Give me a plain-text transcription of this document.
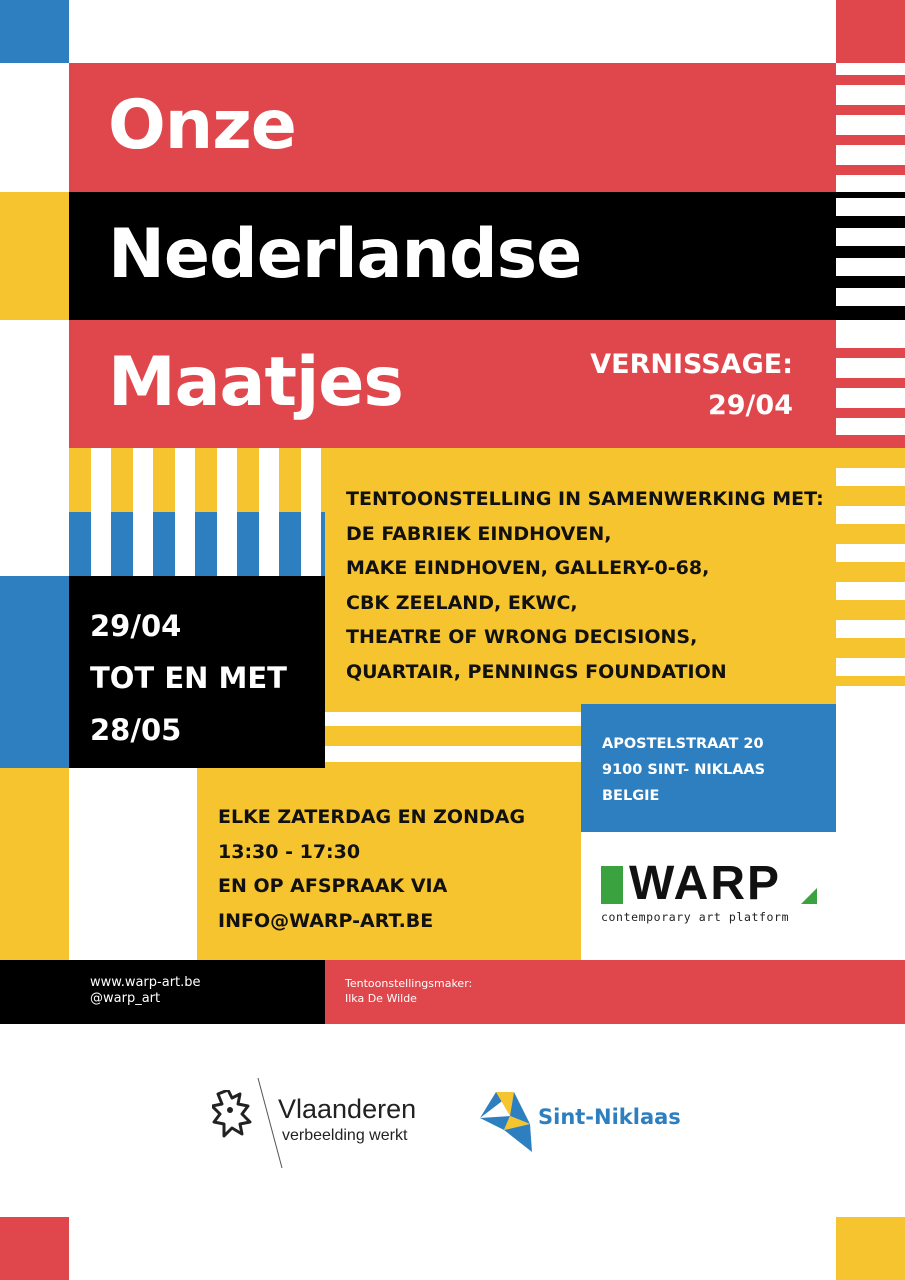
Onze
Nederlandse
Maatjes	VERNISSAGE:
29/04
TENTOONSTELLING IN SAMENWERKING MET:
DE FABRIEK EINDHOVEN,
MAKE EINDHOVEN, GALLERY-0-68,
CBK ZEELAND, EKWC,
THEATRE OF WRONG DECISIONS,
QUARTAIR, PENNINGS FOUNDATION
29/04
TOT EN MET
28/05	APOSTELSTRAAT 20
9100 SINT- NIKLAAS
BELGIE
ELKE ZATERDAG EN ZONDAG
13:30 - 17:30
EN OP AFSPRAAK VIA
INFO@WARP-ART.BE
WARP
contemporary art platform
www.warp-art.be
@warp_art
Tentoonstellingsmaker:
Ilka De Wilde
Vlaanderen
verbeelding werkt
Sint-Niklaas
